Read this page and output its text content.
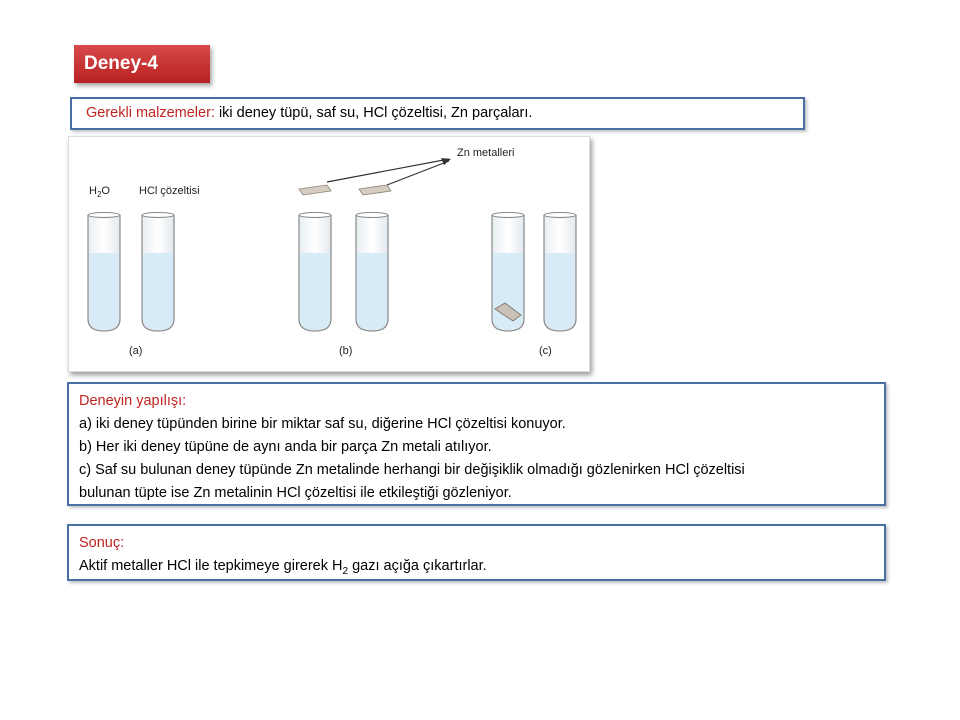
Deney-4
Gerekli malzemeler: iki deney tüpü, saf su, HCl çözeltisi, Zn parçaları.
$H_2O$	HCl çözeltisi
Zn metalleri
(a)	(b)	(c)
Deneyin yapılışı:
a) iki deney tüpünden birine bir miktar saf su, diğerine HCl çözeltisi konuyor.
b) Her iki deney tüpüne de aynı anda bir parça Zn metali atılıyor.
c) Saf su bulunan deney tüpünde Zn metalinde herhangi bir değişiklik olmadığı gözlenirken HCl çözeltisi
bulunan tüpte ise Zn metalinin HCl çözeltisi ile etkileştiği gözleniyor.
Sonuç:
Aktif metaller HCl ile tepkimeye girerek $H_2$ gazı açığa çıkartırlar.
